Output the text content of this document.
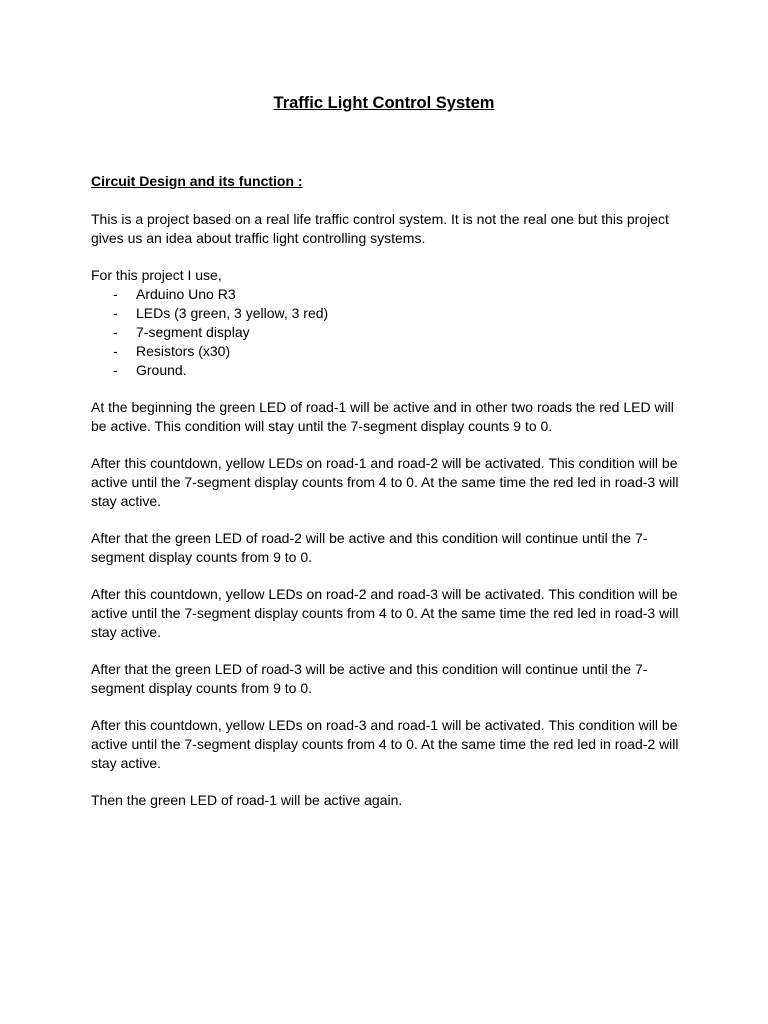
Traffic Light Control System
Circuit Design and its function :

This is a project based on a real life traffic control system. It is not the real one but this project gives us an idea about traffic light controlling systems.

For this project I use,

- Arduino Uno R3
- LEDs (3 green, 3 yellow, 3 red)
- 7-segment display
- Resistors (x30)
- Ground.

At the beginning the green LED of road-1 will be active and in other two roads the red LED will be active. This condition will stay until the 7-segment display counts 9 to 0.

After this countdown, yellow LEDs on road-1 and road-2 will be activated. This condition will be active until the 7-segment display counts from 4 to 0. At the same time the red led in road-3 will stay active.

After that the green LED of road-2 will be active and this condition will continue until the 7-segment display counts from 9 to 0.

After this countdown, yellow LEDs on road-2 and road-3 will be activated. This condition will be active until the 7-segment display counts from 4 to 0. At the same time the red led in road-3 will stay active.

After that the green LED of road-3 will be active and this condition will continue until the 7-segment display counts from 9 to 0.

After this countdown, yellow LEDs on road-3 and road-1 will be activated. This condition will be active until the 7-segment display counts from 4 to 0. At the same time the red led in road-2 will stay active.

Then the green LED of road-1 will be active again.
